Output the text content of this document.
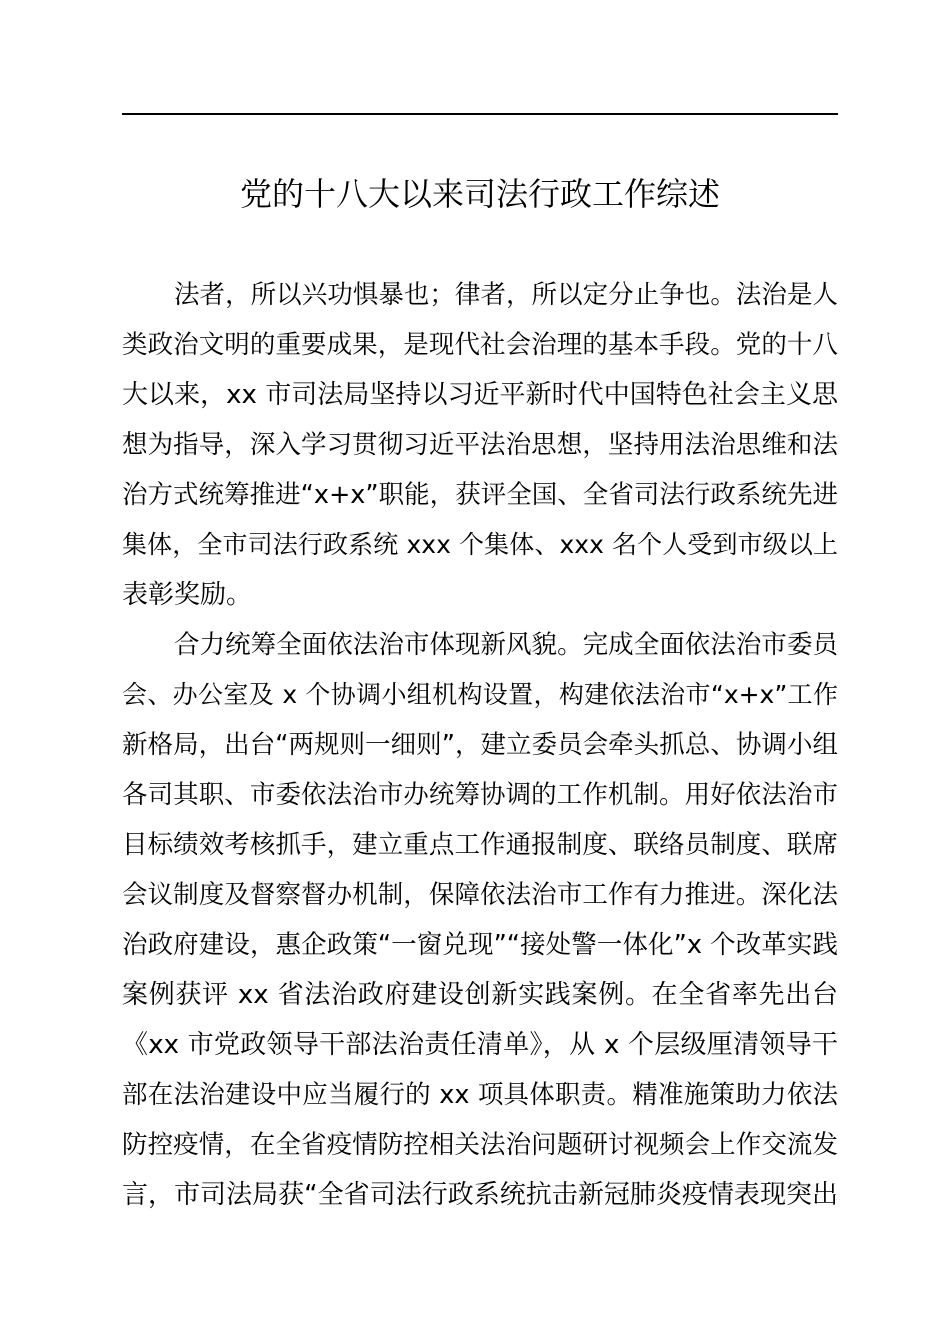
党的十八大以来司法行政工作综述
法者，所以兴功惧暴也；律者，所以定分止争也。法治是人
类政治文明的重要成果，是现代社会治理的基本手段。党的十八
大以来，xx 市司法局坚持以习近平新时代中国特色社会主义思
想为指导，深入学习贯彻习近平法治思想，坚持用法治思维和法
治方式统筹推进“x+x”职能，获评全国、全省司法行政系统先进
集体，全市司法行政系统 xxx 个集体、xxx 名个人受到市级以上
表彰奖励。
合力统筹全面依法治市体现新风貌。完成全面依法治市委员
会、办公室及 x 个协调小组机构设置，构建依法治市“x+x”工作
新格局，出台“两规则一细则”，建立委员会牵头抓总、协调小组
各司其职、市委依法治市办统筹协调的工作机制。用好依法治市
目标绩效考核抓手，建立重点工作通报制度、联络员制度、联席
会议制度及督察督办机制，保障依法治市工作有力推进。深化法
治政府建设，惠企政策“一窗兑现”“接处警一体化”x 个改革实践
案例获评 xx 省法治政府建设创新实践案例。在全省率先出台
《xx 市党政领导干部法治责任清单》，从 x 个层级厘清领导干
部在法治建设中应当履行的 xx 项具体职责。精准施策助力依法
防控疫情，在全省疫情防控相关法治问题研讨视频会上作交流发
言，市司法局获“全省司法行政系统抗击新冠肺炎疫情表现突出
